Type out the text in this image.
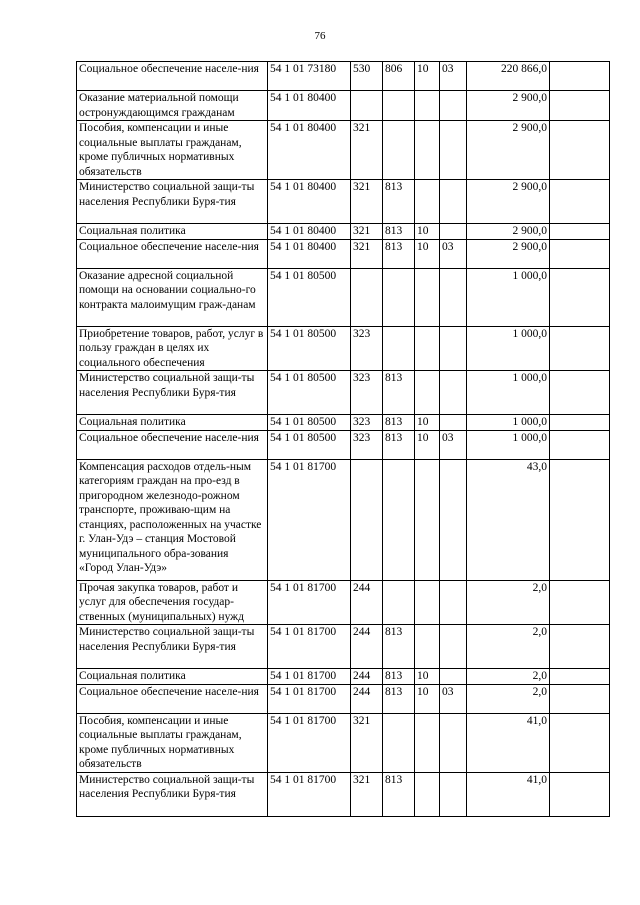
76
Социальное обеспечение населе-ния	54 1 01 73180	530	806	10	03	220 866,0	
Оказание материальной помощи остронуждающимся гражданам	54 1 01 80400					2 900,0	
Пособия, компенсации и иные социальные выплаты гражданам, кроме публичных нормативных обязательств	54 1 01 80400	321				2 900,0	
Министерство социальной защи-ты населения Республики Буря-тия	54 1 01 80400	321	813			2 900,0	
Социальная политика	54 1 01 80400	321	813	10		2 900,0	
Социальное обеспечение населе-ния	54 1 01 80400	321	813	10	03	2 900,0	
Оказание адресной социальной помощи на основании социально-го контракта малоимущим граж-данам	54 1 01 80500					1 000,0	
Приобретение товаров, работ, услуг в пользу граждан в целях их социального обеспечения	54 1 01 80500	323				1 000,0	
Министерство социальной защи-ты населения Республики Буря-тия	54 1 01 80500	323	813			1 000,0	
Социальная политика	54 1 01 80500	323	813	10		1 000,0	
Социальное обеспечение населе-ния	54 1 01 80500	323	813	10	03	1 000,0	
Компенсация расходов отдель-ным категориям граждан на про-езд в пригородном железнодо-рожном транспорте, проживаю-щим на станциях, расположенных на участке г. Улан-Удэ – станция Мостовой муниципального обра-зования «Город Улан-Удэ»	54 1 01 81700					43,0	
Прочая закупка товаров, работ и услуг для обеспечения государ-ственных (муниципальных) нужд	54 1 01 81700	244				2,0	
Министерство социальной защи-ты населения Республики Буря-тия	54 1 01 81700	244	813			2,0	
Социальная политика	54 1 01 81700	244	813	10		2,0	
Социальное обеспечение населе-ния	54 1 01 81700	244	813	10	03	2,0	
Пособия, компенсации и иные социальные выплаты гражданам, кроме публичных нормативных обязательств	54 1 01 81700	321				41,0	
Министерство социальной защи-ты населения Республики Буря-тия	54 1 01 81700	321	813			41,0	
